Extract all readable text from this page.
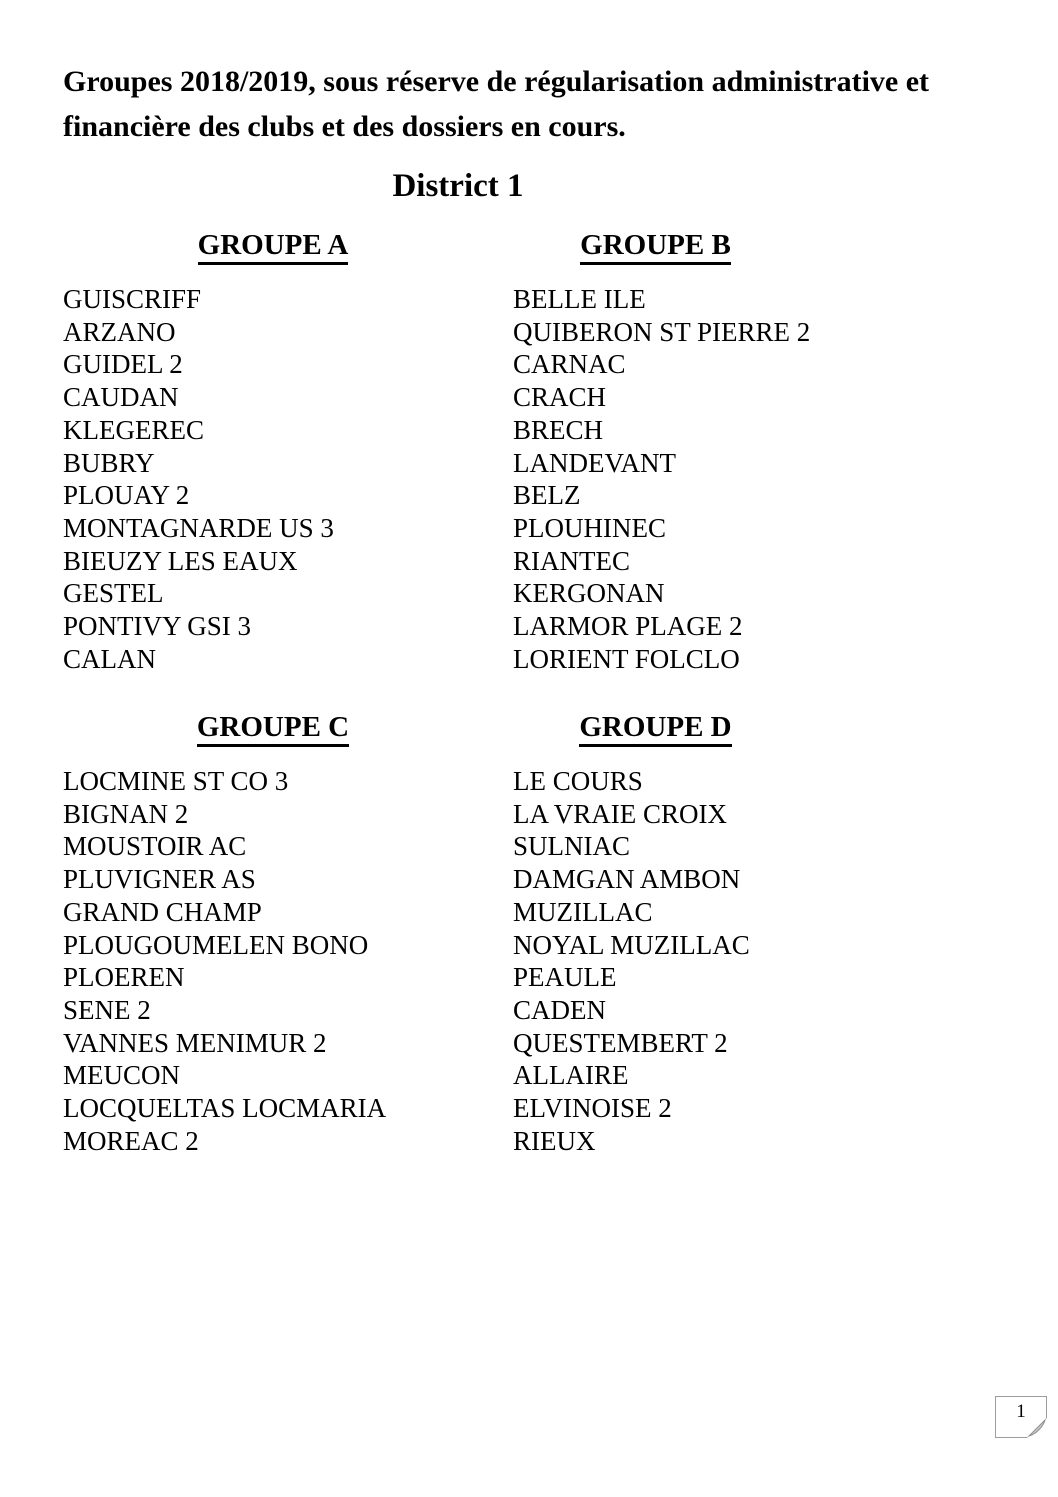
Groupes 2018/2019, sous réserve de régularisation administrative et
financière des clubs et des dossiers en cours.
District 1
GROUPE A
GUISCRIFF
ARZANO
GUIDEL 2
CAUDAN
KLEGEREC
BUBRY
PLOUAY 2
MONTAGNARDE US 3
BIEUZY LES EAUX
GESTEL
PONTIVY GSI 3
CALAN
GROUPE B
BELLE ILE
QUIBERON ST PIERRE 2
CARNAC
CRACH
BRECH
LANDEVANT
BELZ
PLOUHINEC
RIANTEC
KERGONAN
LARMOR PLAGE 2
LORIENT FOLCLO
GROUPE C
LOCMINE ST CO 3
BIGNAN 2
MOUSTOIR AC
PLUVIGNER AS
GRAND CHAMP
PLOUGOUMELEN BONO
PLOEREN
SENE 2
VANNES MENIMUR 2
MEUCON
LOCQUELTAS LOCMARIA
MOREAC 2
GROUPE D
LE COURS
LA VRAIE CROIX
SULNIAC
DAMGAN AMBON
MUZILLAC
NOYAL MUZILLAC
PEAULE
CADEN
QUESTEMBERT 2
ALLAIRE
ELVINOISE 2
RIEUX
1
